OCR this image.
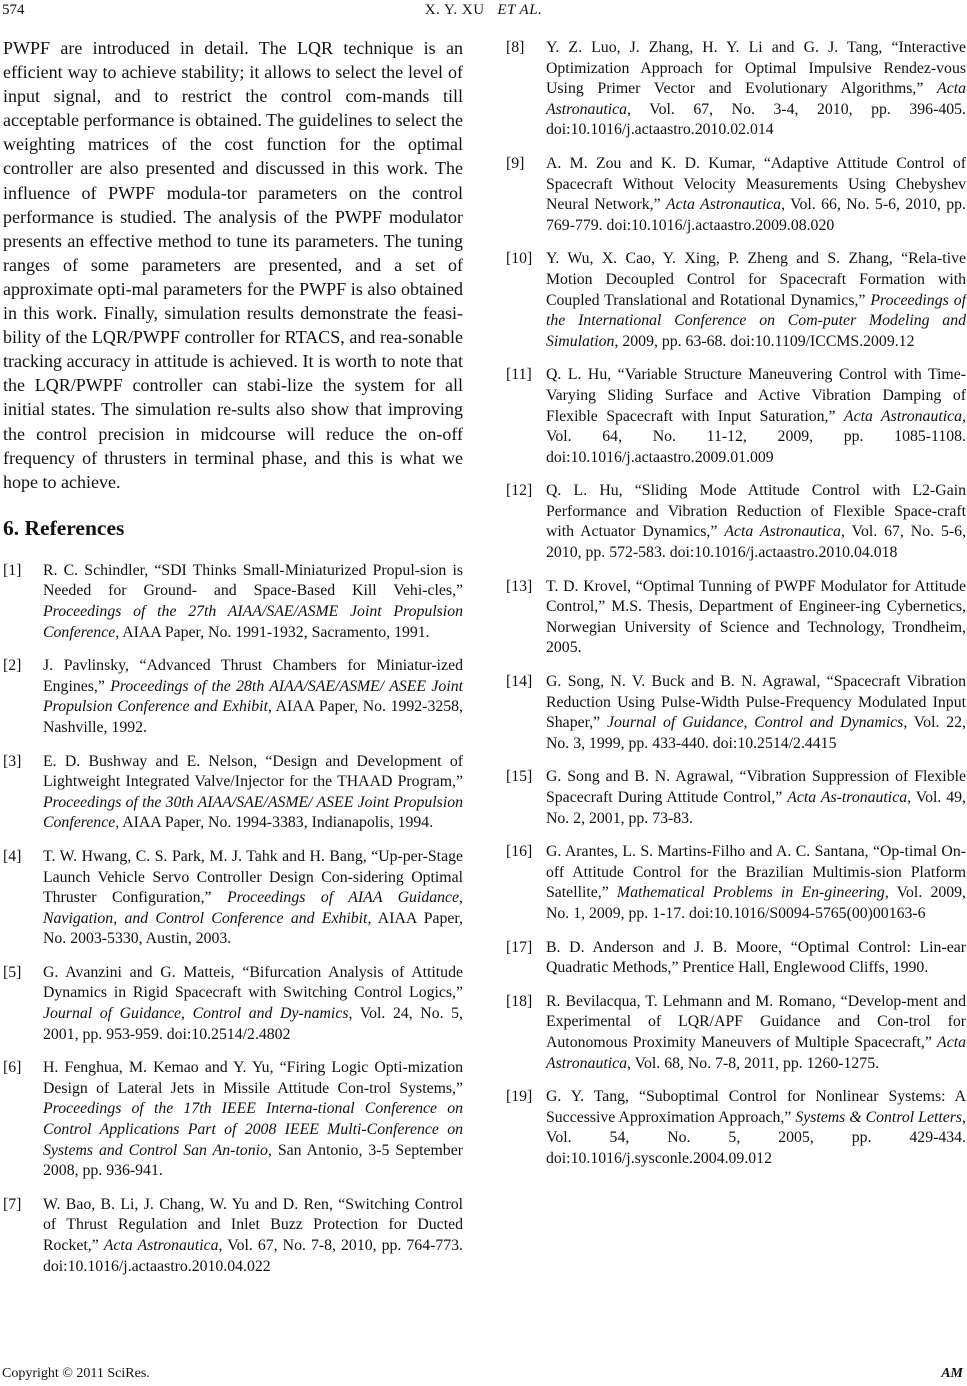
574	X. Y. XU ET AL.

PWPF are introduced in detail. The LQR technique is an efficient way to achieve stability; it allows to select the level of input signal, and to restrict the control com-mands till acceptable performance is obtained. The guidelines to select the weighting matrices of the cost function for the optimal controller are also presented and discussed in this work. The influence of PWPF modula-tor parameters on the control performance is studied. The analysis of the PWPF modulator presents an effective method to tune its parameters. The tuning ranges of some parameters are presented, and a set of approximate opti-mal parameters for the PWPF is also obtained in this work. Finally, simulation results demonstrate the feasi-bility of the LQR/PWPF controller for RTACS, and rea-sonable tracking accuracy in attitude is achieved. It is worth to note that the LQR/PWPF controller can stabi-lize the system for all initial states. The simulation re-sults also show that improving the control precision in midcourse will reduce the on-off frequency of thrusters in terminal phase, and this is what we hope to achieve.

6. References
[1] R. C. Schindler, “SDI Thinks Small-Miniaturized Propul-sion is Needed for Ground- and Space-Based Kill Vehi-cles,” Proceedings of the 27th AIAA/SAE/ASME Joint Propulsion Conference, AIAA Paper, No. 1991-1932, Sacramento, 1991.
[2] J. Pavlinsky, “Advanced Thrust Chambers for Miniatur-ized Engines,” Proceedings of the 28th AIAA/SAE/ASME/ ASEE Joint Propulsion Conference and Exhibit, AIAA Paper, No. 1992-3258, Nashville, 1992.
[3] E. D. Bushway and E. Nelson, “Design and Development of Lightweight Integrated Valve/Injector for the THAAD Program,” Proceedings of the 30th AIAA/SAE/ASME/ ASEE Joint Propulsion Conference, AIAA Paper, No. 1994-3383, Indianapolis, 1994.
[4] T. W. Hwang, C. S. Park, M. J. Tahk and H. Bang, “Up-per-Stage Launch Vehicle Servo Controller Design Con-sidering Optimal Thruster Configuration,” Proceedings of AIAA Guidance, Navigation, and Control Conference and Exhibit, AIAA Paper, No. 2003-5330, Austin, 2003.
[5] G. Avanzini and G. Matteis, “Bifurcation Analysis of Attitude Dynamics in Rigid Spacecraft with Switching Control Logics,” Journal of Guidance, Control and Dy-namics, Vol. 24, No. 5, 2001, pp. 953-959. doi:10.2514/2.4802
[6] H. Fenghua, M. Kemao and Y. Yu, “Firing Logic Opti-mization Design of Lateral Jets in Missile Attitude Con-trol Systems,” Proceedings of the 17th IEEE Interna-tional Conference on Control Applications Part of 2008 IEEE Multi-Conference on Systems and Control San An-tonio, San Antonio, 3-5 September 2008, pp. 936-941.
[7] W. Bao, B. Li, J. Chang, W. Yu and D. Ren, “Switching Control of Thrust Regulation and Inlet Buzz Protection for Ducted Rocket,” Acta Astronautica, Vol. 67, No. 7-8, 2010, pp. 764-773. doi:10.1016/j.actaastro.2010.04.022
[8] Y. Z. Luo, J. Zhang, H. Y. Li and G. J. Tang, “Interactive Optimization Approach for Optimal Impulsive Rendez-vous Using Primer Vector and Evolutionary Algorithms,” Acta Astronautica, Vol. 67, No. 3-4, 2010, pp. 396-405. doi:10.1016/j.actaastro.2010.02.014
[9] A. M. Zou and K. D. Kumar, “Adaptive Attitude Control of Spacecraft Without Velocity Measurements Using Chebyshev Neural Network,” Acta Astronautica, Vol. 66, No. 5-6, 2010, pp. 769-779. doi:10.1016/j.actaastro.2009.08.020
[10] Y. Wu, X. Cao, Y. Xing, P. Zheng and S. Zhang, “Rela-tive Motion Decoupled Control for Spacecraft Formation with Coupled Translational and Rotational Dynamics,” Proceedings of the International Conference on Com-puter Modeling and Simulation, 2009, pp. 63-68. doi:10.1109/ICCMS.2009.12
[11] Q. L. Hu, “Variable Structure Maneuvering Control with Time-Varying Sliding Surface and Active Vibration Damping of Flexible Spacecraft with Input Saturation,” Acta Astronautica, Vol. 64, No. 11-12, 2009, pp. 1085-1108. doi:10.1016/j.actaastro.2009.01.009
[12] Q. L. Hu, “Sliding Mode Attitude Control with L2-Gain Performance and Vibration Reduction of Flexible Space-craft with Actuator Dynamics,” Acta Astronautica, Vol. 67, No. 5-6, 2010, pp. 572-583. doi:10.1016/j.actaastro.2010.04.018
[13] T. D. Krovel, “Optimal Tunning of PWPF Modulator for Attitude Control,” M.S. Thesis, Department of Engineer-ing Cybernetics, Norwegian University of Science and Technology, Trondheim, 2005.
[14] G. Song, N. V. Buck and B. N. Agrawal, “Spacecraft Vibration Reduction Using Pulse-Width Pulse-Frequency Modulated Input Shaper,” Journal of Guidance, Control and Dynamics, Vol. 22, No. 3, 1999, pp. 433-440. doi:10.2514/2.4415
[15] G. Song and B. N. Agrawal, “Vibration Suppression of Flexible Spacecraft During Attitude Control,” Acta As-tronautica, Vol. 49, No. 2, 2001, pp. 73-83.
[16] G. Arantes, L. S. Martins-Filho and A. C. Santana, “Op-timal On-off Attitude Control for the Brazilian Multimis-sion Platform Satellite,” Mathematical Problems in En-gineering, Vol. 2009, No. 1, 2009, pp. 1-17. doi:10.1016/S0094-5765(00)00163-6
[17] B. D. Anderson and J. B. Moore, “Optimal Control: Lin-ear Quadratic Methods,” Prentice Hall, Englewood Cliffs, 1990.
[18] R. Bevilacqua, T. Lehmann and M. Romano, “Develop-ment and Experimental of LQR/APF Guidance and Con-trol for Autonomous Proximity Maneuvers of Multiple Spacecraft,” Acta Astronautica, Vol. 68, No. 7-8, 2011, pp. 1260-1275.
[19] G. Y. Tang, “Suboptimal Control for Nonlinear Systems: A Successive Approximation Approach,” Systems & Control Letters, Vol. 54, No. 5, 2005, pp. 429-434. doi:10.1016/j.sysconle.2004.09.012
Copyright © 2011 SciRes.	AM
